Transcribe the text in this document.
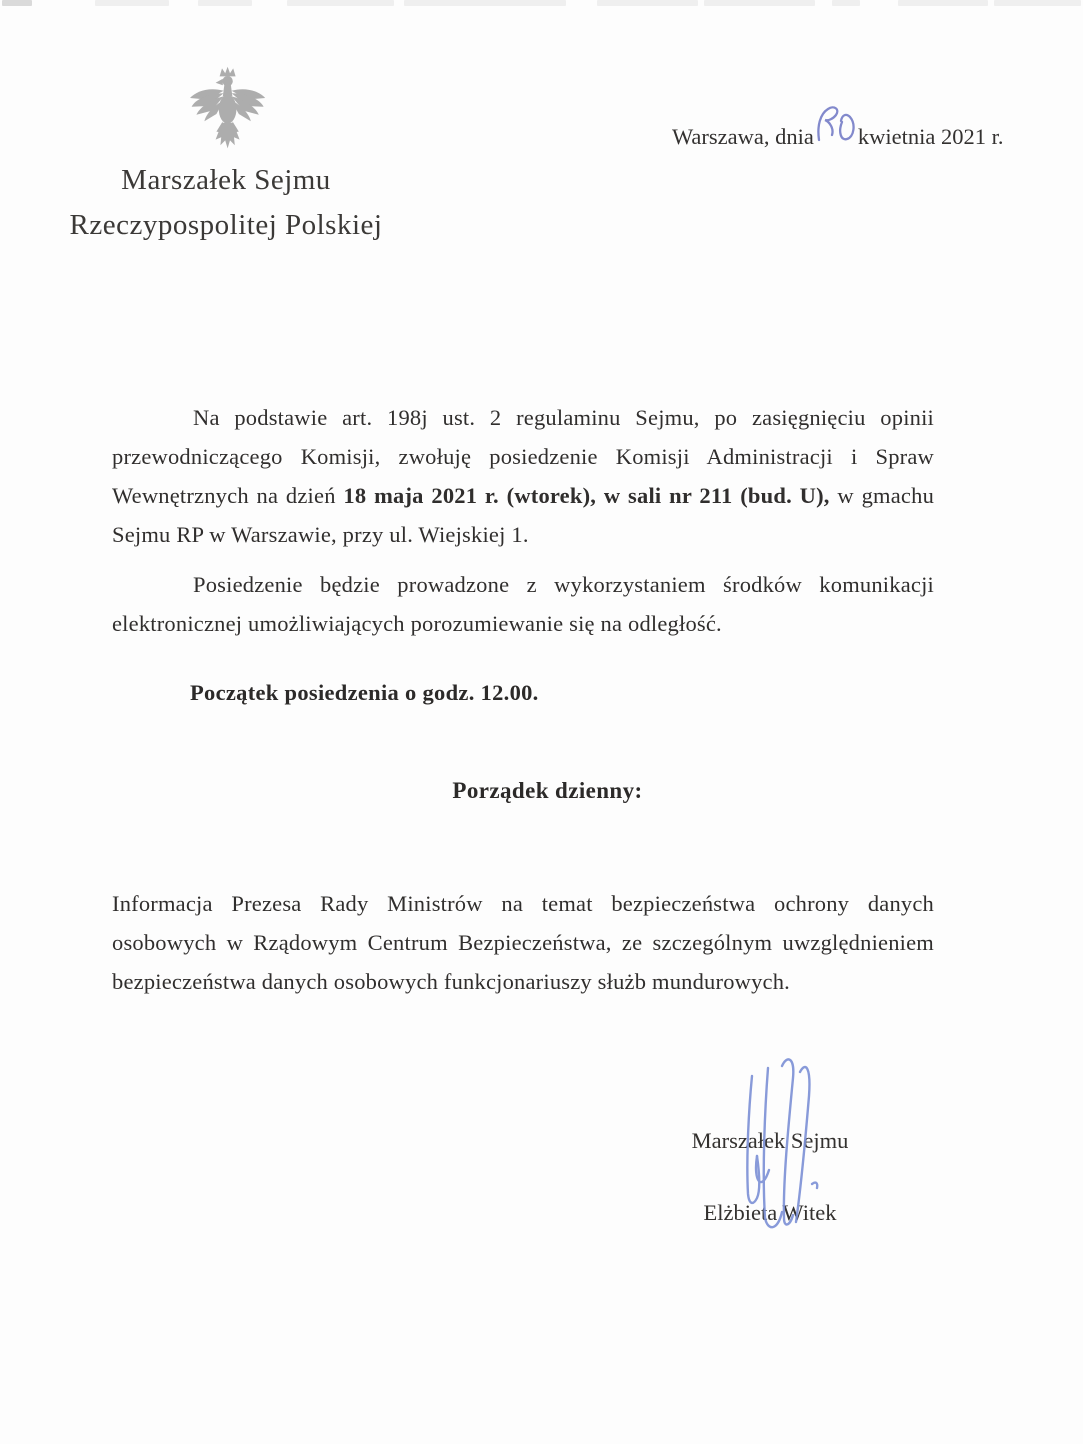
Marszałek Sejmu
Rzeczypospolitej Polskiej
Warszawa, dnia kwietnia 2021 r.

Na podstawie art. 198j ust. 2 regulaminu Sejmu, po zasięgnięciu opinii przewodniczącego Komisji, zwołuję posiedzenie Komisji Administracji i Spraw Wewnętrznych na dzień 18 maja 2021 r. (wtorek), w sali nr 211 (bud. U), w gmachu Sejmu RP w Warszawie, przy ul. Wiejskiej 1.

Posiedzenie będzie prowadzone z wykorzystaniem środków komunikacji elektronicznej umożliwiających porozumiewanie się na odległość.

Początek posiedzenia o godz. 12.00.
Porządek dzienny:

Informacja Prezesa Rady Ministrów na temat bezpieczeństwa ochrony danych osobowych w Rządowym Centrum Bezpieczeństwa, ze szczególnym uwzględnieniem bezpieczeństwa danych osobowych funkcjonariuszy służb mundurowych.

Marszałek Sejmu
Elżbieta Witek
